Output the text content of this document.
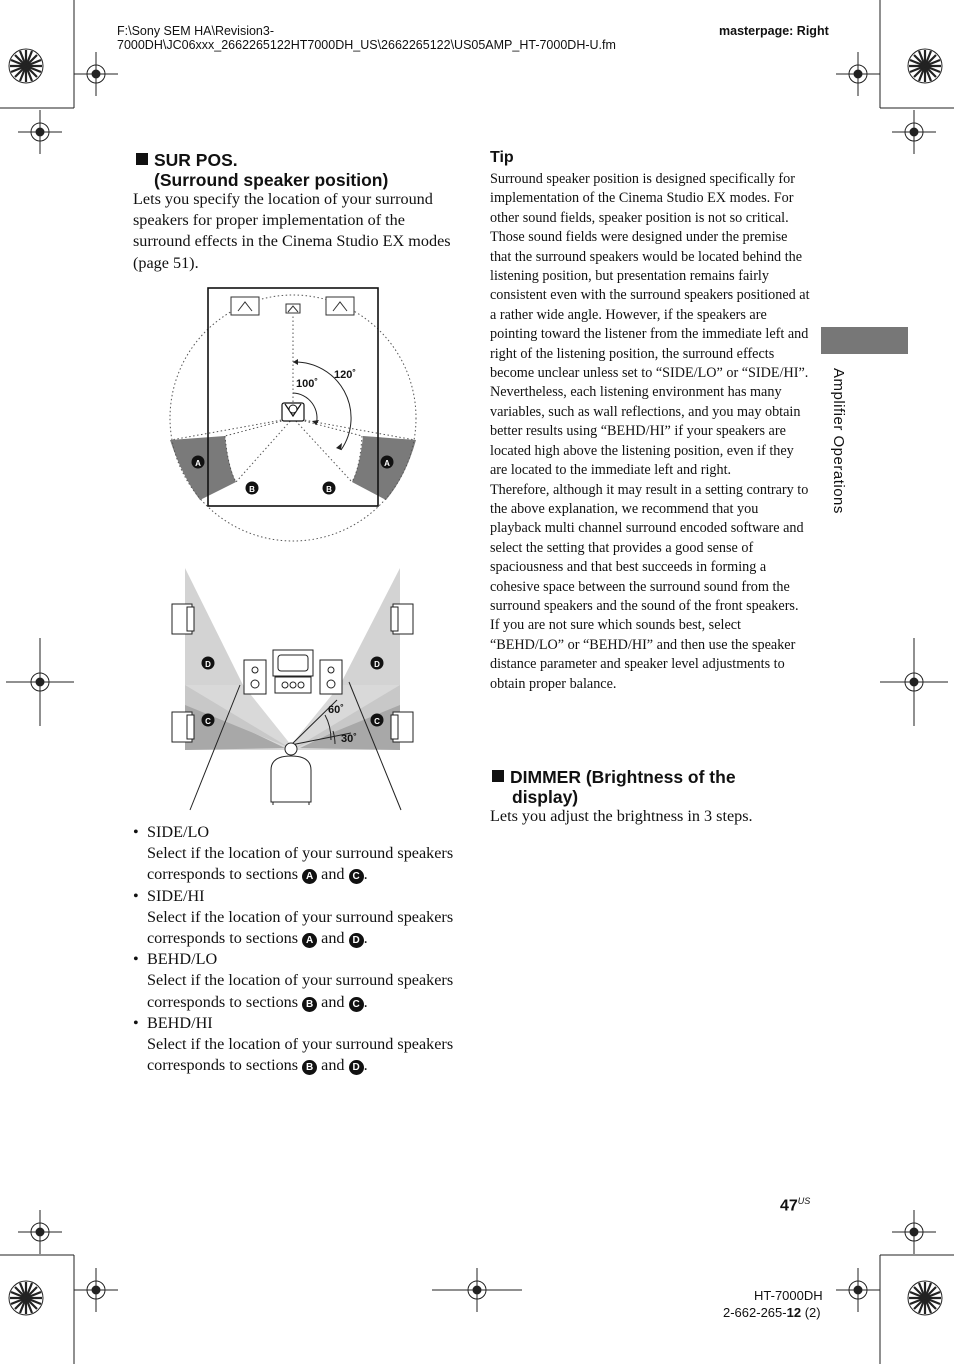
F:\Sony SEM HA\Revision3-
7000DH\JC06xxx_2662265122HT7000DH_US\2662265122\US05AMP_HT-7000DH-U.fm
masterpage: Right
SUR POS.
(Surround speaker position)
Lets you specify the location of your surround speakers for proper implementation of the surround effects in the Cinema Studio EX modes (page 51).
100˚
120˚
A	A
B	B
60˚
30˚
D	D
C	C
• SIDE/LO
Select if the location of your surround speakers corresponds to sections A and C .
• SIDE/HI
Select if the location of your surround speakers corresponds to sections A and D .
• BEHD/LO
Select if the location of your surround speakers corresponds to sections B and C .
• BEHD/HI
Select if the location of your surround speakers corresponds to sections B and D .
Tip
Surround speaker position is designed specifically for implementation of the Cinema Studio EX modes. For other sound fields, speaker position is not so critical.
Those sound fields were designed under the premise that the surround speakers would be located behind the listening position, but presentation remains fairly consistent even with the surround speakers positioned at a rather wide angle. However, if the speakers are pointing toward the listener from the immediate left and right of the listening position, the surround effects become unclear unless set to “SIDE/LO” or “SIDE/HI”.
Nevertheless, each listening environment has many variables, such as wall reflections, and you may obtain better results using “BEHD/HI” if your speakers are located high above the listening position, even if they are located to the immediate left and right.
Therefore, although it may result in a setting contrary to the above explanation, we recommend that you playback multi channel surround encoded software and select the setting that provides a good sense of spaciousness and that best succeeds in forming a cohesive space between the surround sound from the surround speakers and the sound of the front speakers. If you are not sure which sounds best, select “BEHD/LO” or “BEHD/HI” and then use the speaker distance parameter and speaker level adjustments to obtain proper balance.
DIMMER (Brightness of the
display)
Lets you adjust the brightness in 3 steps.
Amplifier Operations
$47^{US}$
HT-7000DH
2-662-265-12 (2)
